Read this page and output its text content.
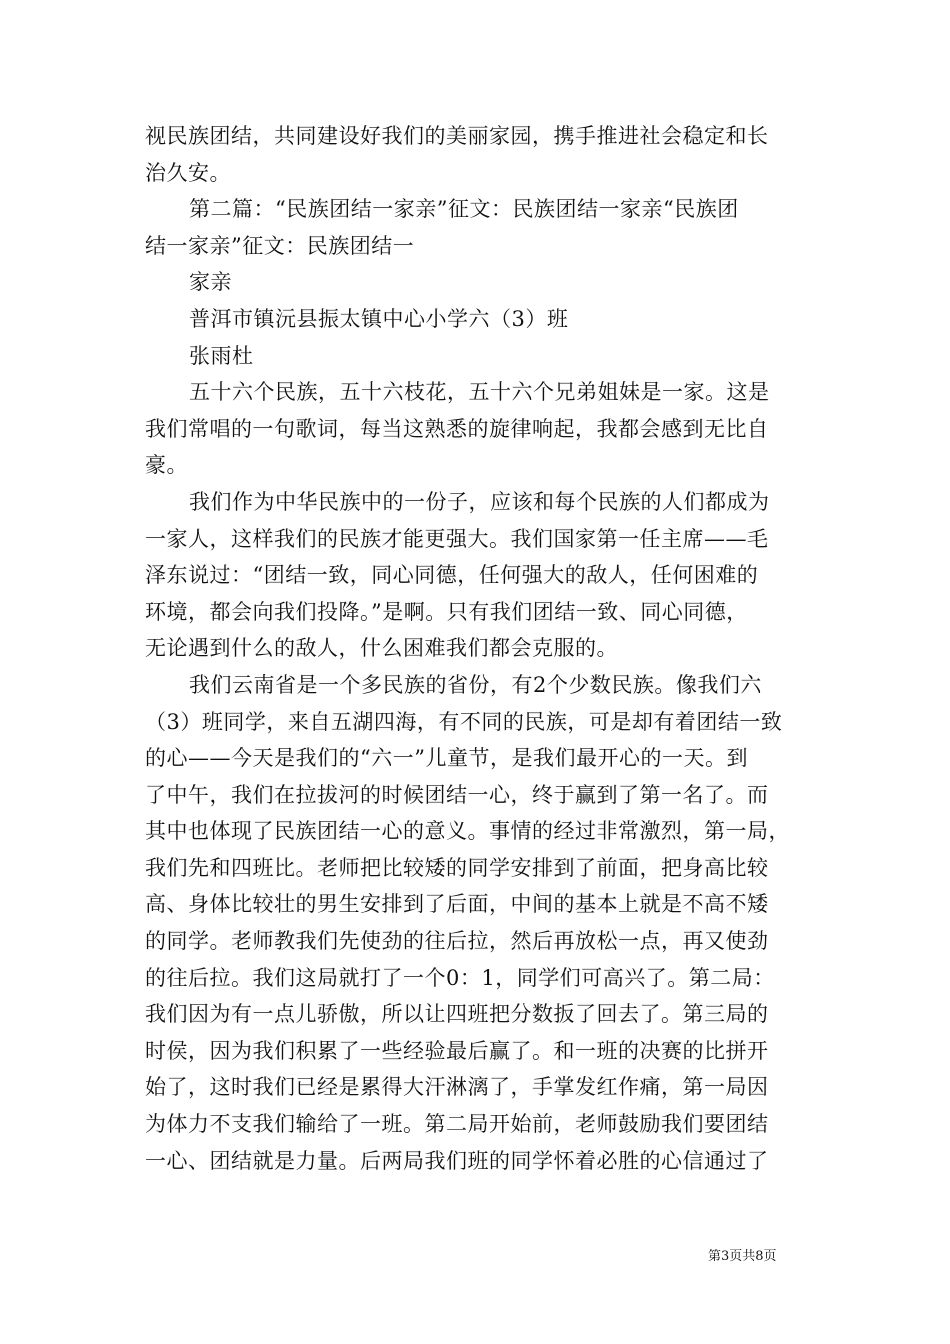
视民族团结，共同建设好我们的美丽家园，携手推进社会稳定和长
治久安。
第二篇：“民族团结一家亲”征文：民族团结一家亲“民族团
结一家亲”征文：民族团结一
家亲
普洱市镇沅县振太镇中心小学六（3）班
张雨杜
五十六个民族，五十六枝花，五十六个兄弟姐妹是一家。这是
我们常唱的一句歌词，每当这熟悉的旋律响起，我都会感到无比自
豪。
我们作为中华民族中的一份子，应该和每个民族的人们都成为
一家人，这样我们的民族才能更强大。我们国家第一任主席——毛
泽东说过：“团结一致，同心同德，任何强大的敌人，任何困难的
环境，都会向我们投降。”是啊。只有我们团结一致、同心同德，
无论遇到什么的敌人，什么困难我们都会克服的。
我们云南省是一个多民族的省份，有2个少数民族。像我们六
（3）班同学，来自五湖四海，有不同的民族，可是却有着团结一致
的心——今天是我们的“六一”儿童节，是我们最开心的一天。到
了中午，我们在拉拔河的时候团结一心，终于赢到了第一名了。而
其中也体现了民族团结一心的意义。事情的经过非常激烈，第一局，
我们先和四班比。老师把比较矮的同学安排到了前面，把身高比较
高、身体比较壮的男生安排到了后面，中间的基本上就是不高不矮
的同学。老师教我们先使劲的往后拉，然后再放松一点，再又使劲
的往后拉。我们这局就打了一个0：1，同学们可高兴了。第二局：
我们因为有一点儿骄傲，所以让四班把分数扳了回去了。第三局的
时侯，因为我们积累了一些经验最后赢了。和一班的决赛的比拼开
始了，这时我们已经是累得大汗淋漓了，手掌发红作痛，第一局因
为体力不支我们输给了一班。第二局开始前，老师鼓励我们要团结
一心、团结就是力量。后两局我们班的同学怀着必胜的心信通过了
第3页共8页
